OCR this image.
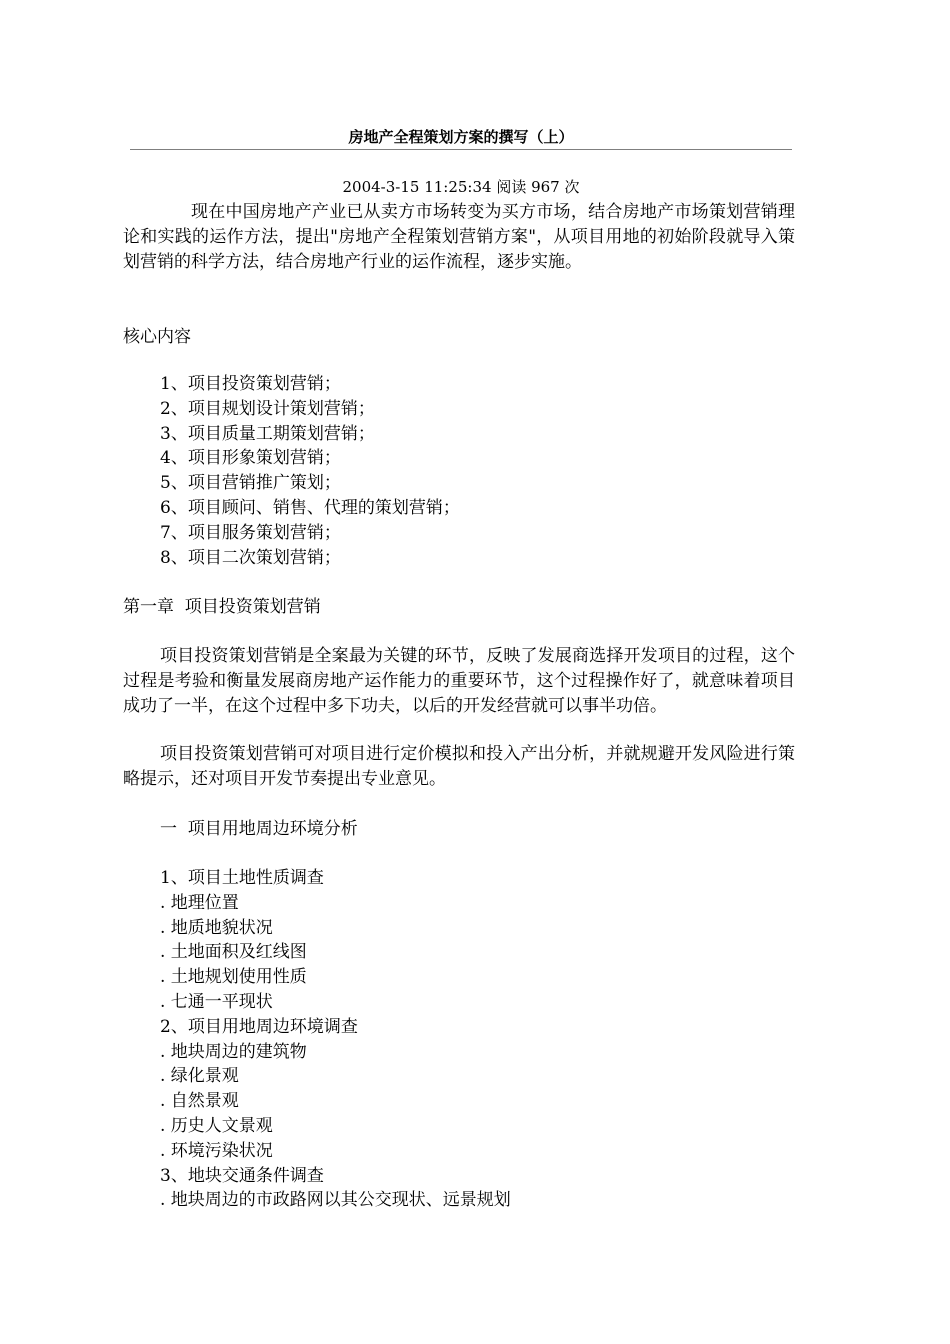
房地产全程策划方案的撰写（上）
2004-3-15 11:25:34 阅读 967 次
现在中国房地产产业已从卖方市场转变为买方市场，结合房地产市场策划营销理论和实践的运作方法，提出"房地产全程策划营销方案"，从项目用地的初始阶段就导入策划营销的科学方法，结合房地产行业的运作流程，逐步实施。
核心内容
1、项目投资策划营销；
2、项目规划设计策划营销；
3、项目质量工期策划营销；
4、项目形象策划营销；
5、项目营销推广策划；
6、项目顾问、销售、代理的策划营销；
7、项目服务策划营销；
8、项目二次策划营销；
第一章  项目投资策划营销
项目投资策划营销是全案最为关键的环节，反映了发展商选择开发项目的过程，这个过程是考验和衡量发展商房地产运作能力的重要环节，这个过程操作好了，就意味着项目成功了一半，在这个过程中多下功夫，以后的开发经营就可以事半功倍。
项目投资策划营销可对项目进行定价模拟和投入产出分析，并就规避开发风险进行策略提示，还对项目开发节奏提出专业意见。
一  项目用地周边环境分析
1、项目土地性质调查
. 地理位置
. 地质地貌状况
. 土地面积及红线图
. 土地规划使用性质
. 七通一平现状
2、项目用地周边环境调查
. 地块周边的建筑物
. 绿化景观
. 自然景观
. 历史人文景观
. 环境污染状况
3、地块交通条件调查
. 地块周边的市政路网以其公交现状、远景规划
